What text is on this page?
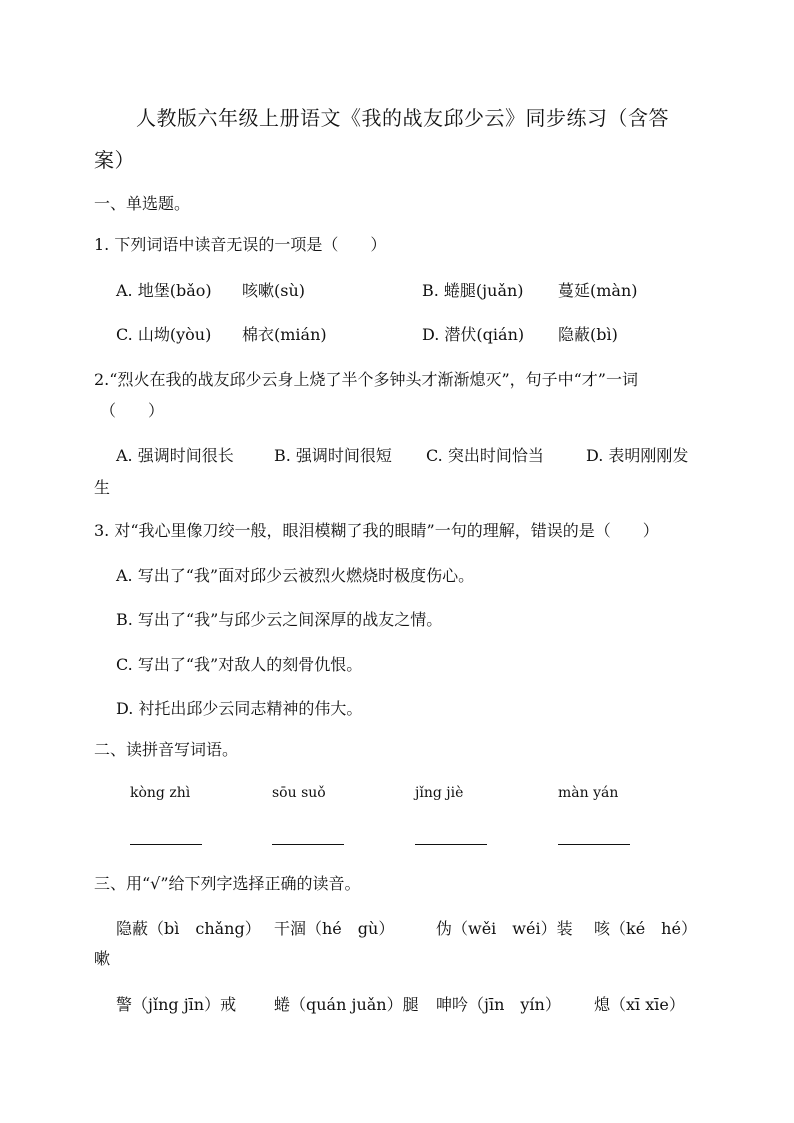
人教版六年级上册语文《我的战友邱少云》同步练习（含答
案）
一、单选题。
1. 下列词语中读音无误的一项是（　　）
A. 地堡(bǎo) 咳嗽(sù)	B. 蜷腿(juǎn) 蔓延(màn)
C. 山坳(yòu) 棉衣(mián)	D. 潜伏(qián) 隐蔽(bì)
2.“烈火在我的战友邱少云身上烧了半个多钟头才渐渐熄灭”，句子中“才”一词
（　　）
A. 强调时间很长	B. 强调时间很短 C. 突出时间恰当	D. 表明刚刚发
生
3. 对“我心里像刀绞一般，眼泪模糊了我的眼睛”一句的理解，错误的是（　　）
A. 写出了“我”面对邱少云被烈火燃烧时极度伤心。
B. 写出了“我”与邱少云之间深厚的战友之情。
C. 写出了“我”对敌人的刻骨仇恨。
D. 衬托出邱少云同志精神的伟大。
二、读拼音写词语。
kòng zhì	sōu suǒ	jǐng jiè	màn yán
三、用“√”给下列字选择正确的读音。
隐蔽（bì　chǎng） 干涸（hé　gù）	伪（wěi　wéi）装 咳（ké　hé）
嗽
警（jǐng jīn）戒 蜷（quán juǎn）腿 呻吟（jīn　yín） 熄（xī xīe）
